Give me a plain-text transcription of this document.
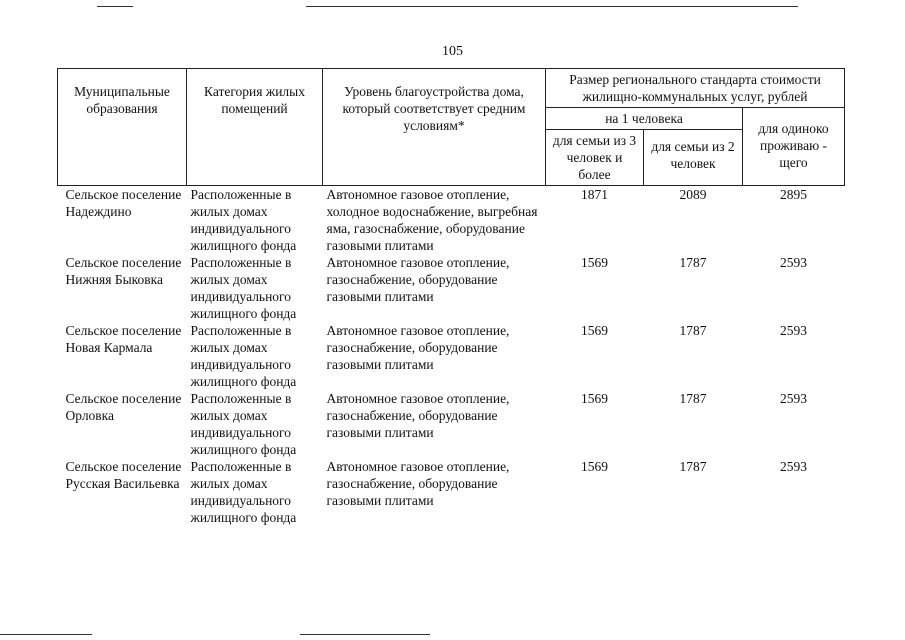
105
Муниципальные образования	Категория жилых помещений	Уровень благоустройства дома, который соответствует средним условиям*	Размер регионального стандарта стоимости жилищно-коммунальных услуг, рублей		
			на 1 человека		для одиноко проживаю - щего
			для семьи из 3 человек и более	для семьи из 2 человек	
Сельское поселение Надеждино	Расположенные в жилых домах индивидуального жилищного фонда	Автономное газовое отопление, холодное водоснабжение, выгребная яма, газоснабжение, оборудование газовыми плитами	1871	2089	2895
Сельское поселение Нижняя Быковка	Расположенные в жилых домах индивидуального жилищного фонда	Автономное газовое отопление, газоснабжение, оборудование газовыми плитами	1569	1787	2593
Сельское поселение Новая Кармала	Расположенные в жилых домах индивидуального жилищного фонда	Автономное газовое отопление, газоснабжение, оборудование газовыми плитами	1569	1787	2593
Сельское поселение Орловка	Расположенные в жилых домах индивидуального жилищного фонда	Автономное газовое отопление, газоснабжение, оборудование газовыми плитами	1569	1787	2593
Сельское поселение Русская Васильевка	Расположенные в жилых домах индивидуального жилищного фонда	Автономное газовое отопление, газоснабжение, оборудование газовыми плитами	1569	1787	2593
